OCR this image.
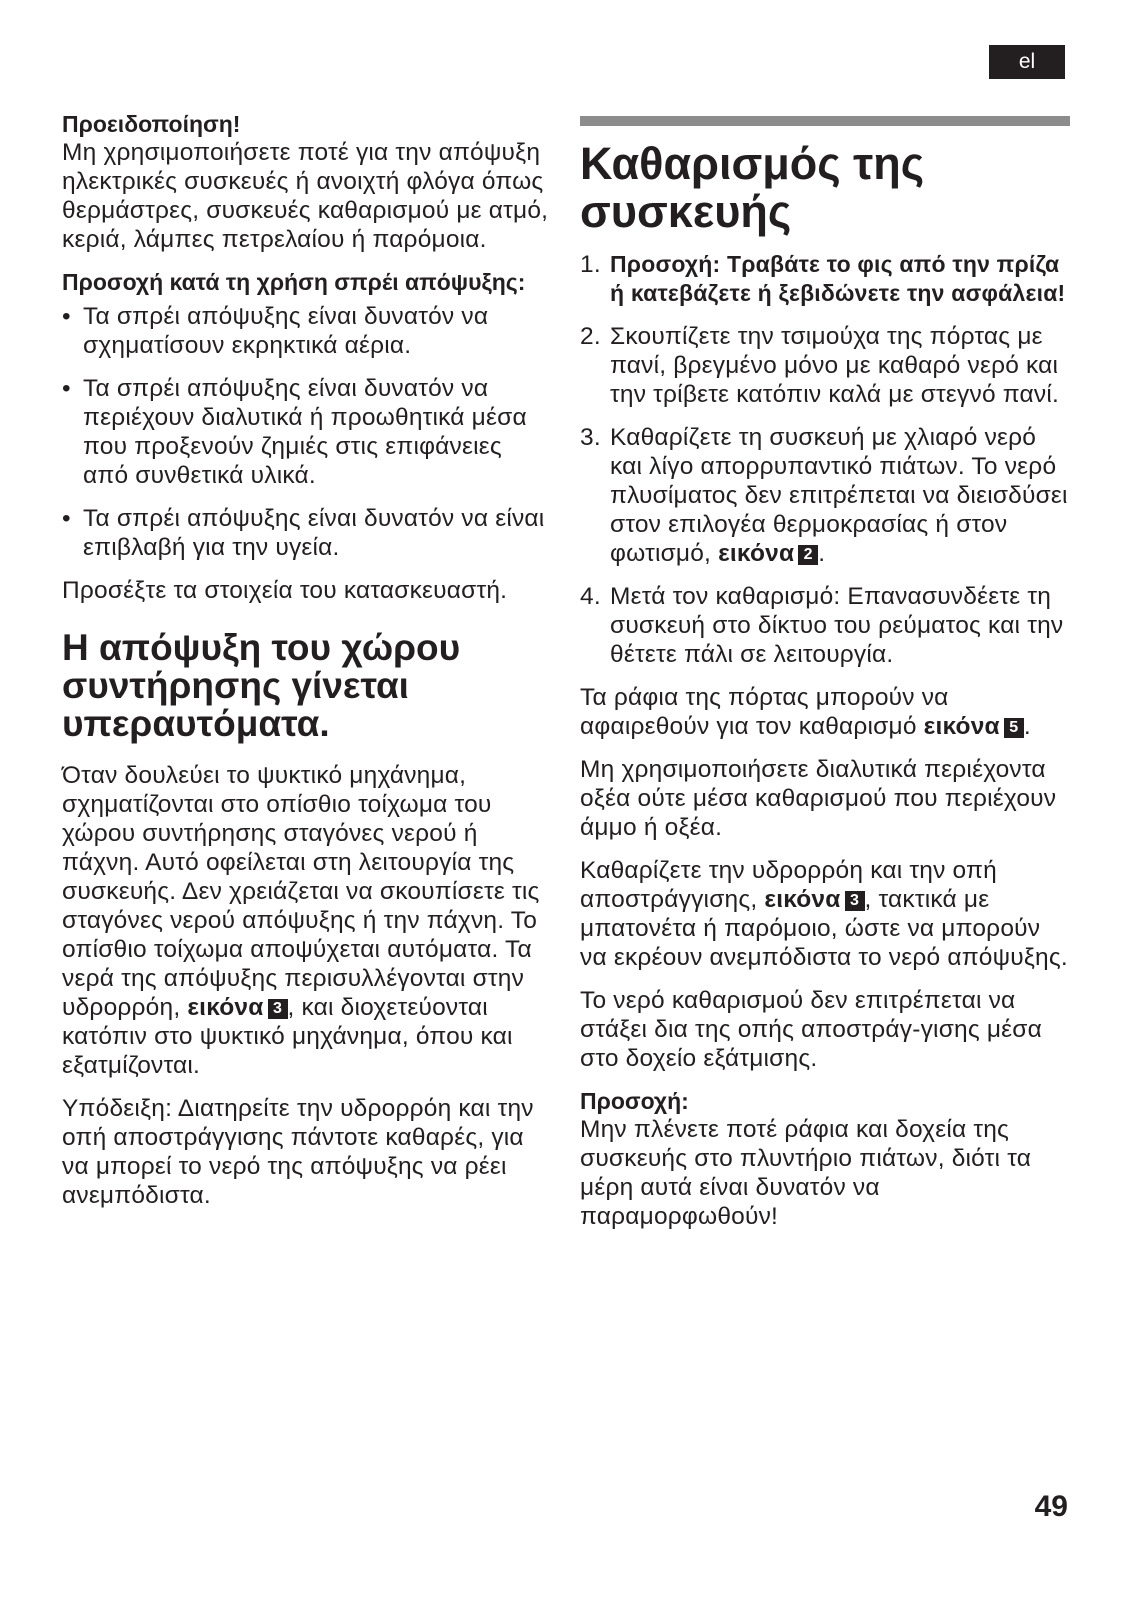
el
Προειδοποίηση!

Μη χρησιμοποιήσετε ποτέ για την απόψυξη ηλεκτρικές συσκευές ή ανοιχτή φλόγα όπως θερμάστρες, συσκευές καθαρισμού με ατμό, κεριά, λάμπες πετρελαίου ή παρόμοια.

Προσοχή κατά τη χρήση σπρέι απόψυξης:
• Τα σπρέι απόψυξης είναι δυνατόν να σχηματίσουν εκρηκτικά αέρια.
• Τα σπρέι απόψυξης είναι δυνατόν να περιέχουν διαλυτικά ή προωθητικά μέσα που προξενούν ζημιές στις επιφάνειες από συνθετικά υλικά.
• Τα σπρέι απόψυξης είναι δυνατόν να είναι επιβλαβή για την υγεία.

Προσέξτε τα στοιχεία του κατασκευαστή.

Η απόψυξη του χώρου συντήρησης γίνεται υπεραυτόματα.

Όταν δουλεύει το ψυκτικό μηχάνημα, σχηματίζονται στο οπίσθιο τοίχωμα του χώρου συντήρησης σταγόνες νερού ή πάχνη. Αυτό οφείλεται στη λειτουργία της συσκευής. Δεν χρειάζεται να σκουπίσετε τις σταγόνες νερού απόψυξης ή την πάχνη. Το οπίσθιο τοίχωμα αποψύχεται αυτόματα. Τα νερά της απόψυξης περισυλλέγονται στην υδρορρόη, εικόνα 3 , και διοχετεύονται κατόπιν στο ψυκτικό μηχάνημα, όπου και εξατμίζονται.

Υπόδειξη: Διατηρείτε την υδρορρόη και την οπή αποστράγγισης πάντοτε καθαρές, για να μπορεί το νερό της απόψυξης να ρέει ανεμπόδιστα.

Καθαρισμός της συσκευής
1. Προσοχή: Τραβάτε το φις από την πρίζα ή κατεβάζετε ή ξεβιδώνετε την ασφάλεια!
2. Σκουπίζετε την τσιμούχα της πόρτας με πανί, βρεγμένο μόνο με καθαρό νερό και την τρίβετε κατόπιν καλά με στεγνό πανί.
3. Καθαρίζετε τη συσκευή με χλιαρό νερό και λίγο απορρυπαντικό πιάτων. Το νερό πλυσίματος δεν επιτρέπεται να διεισδύσει στον επιλογέα θερμοκρασίας ή στον φωτισμό, εικόνα 2 .
4. Μετά τον καθαρισμό: Επανασυνδέετε τη συσκευή στο δίκτυο του ρεύματος και την θέτετε πάλι σε λειτουργία.

Τα ράφια της πόρτας μπορούν να αφαιρεθούν για τον καθαρισμό εικόνα 5 .

Μη χρησιμοποιήσετε διαλυτικά περιέχοντα οξέα ούτε μέσα καθαρισμού που περιέχουν άμμο ή οξέα.

Καθαρίζετε την υδρορρόη και την οπή αποστράγγισης, εικόνα 3 , τακτικά με μπατονέτα ή παρόμοιο, ώστε να μπορούν να εκρέουν ανεμπόδιστα το νερό απόψυξης.

Το νερό καθαρισμού δεν επιτρέπεται να στάξει δια της οπής αποστράγ-γισης μέσα στο δοχείο εξάτμισης.

Προσοχή:

Μην πλένετε ποτέ ράφια και δοχεία της συσκευής στο πλυντήριο πιάτων, διότι τα μέρη αυτά είναι δυνατόν να παραμορφωθούν!

49
